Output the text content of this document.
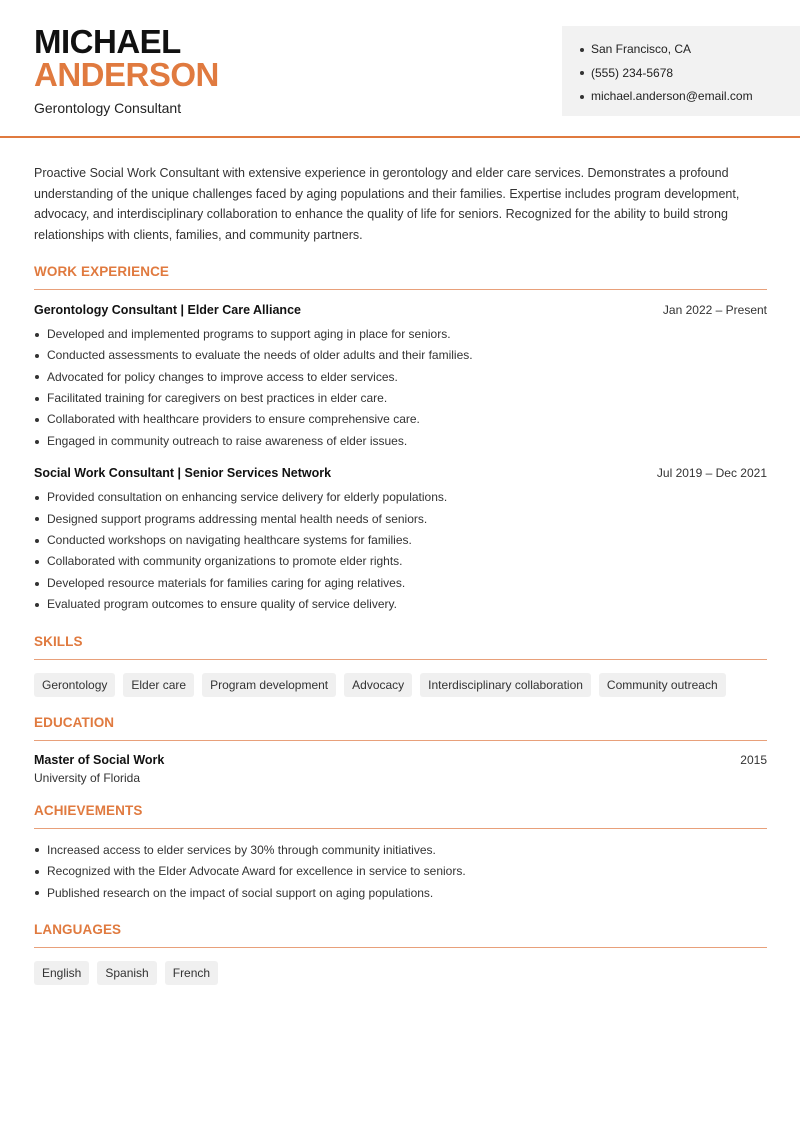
MICHAEL
ANDERSON

Gerontology Consultant

San Francisco, CA
(555) 234-5678
michael.anderson@email.com

Proactive Social Work Consultant with extensive experience in gerontology and elder care services. Demonstrates a profound understanding of the unique challenges faced by aging populations and their families. Expertise includes program development, advocacy, and interdisciplinary collaboration to enhance the quality of life for seniors. Recognized for the ability to build strong relationships with clients, families, and community partners.

WORK EXPERIENCE
Gerontology Consultant | Elder Care Alliance	Jan 2022 – Present
Developed and implemented programs to support aging in place for seniors.
Conducted assessments to evaluate the needs of older adults and their families.
Advocated for policy changes to improve access to elder services.
Facilitated training for caregivers on best practices in elder care.
Collaborated with healthcare providers to ensure comprehensive care.
Engaged in community outreach to raise awareness of elder issues.
Social Work Consultant | Senior Services Network	Jul 2019 – Dec 2021
Provided consultation on enhancing service delivery for elderly populations.
Designed support programs addressing mental health needs of seniors.
Conducted workshops on navigating healthcare systems for families.
Collaborated with community organizations to promote elder rights.
Developed resource materials for families caring for aging relatives.
Evaluated program outcomes to ensure quality of service delivery.
SKILLS
Gerontology	Elder care	Program development	Advocacy	Interdisciplinary collaboration	Community outreach
EDUCATION
Master of Social Work	2015
University of Florida
ACHIEVEMENTS
Increased access to elder services by 30% through community initiatives.
Recognized with the Elder Advocate Award for excellence in service to seniors.
Published research on the impact of social support on aging populations.
LANGUAGES
English	Spanish	French
